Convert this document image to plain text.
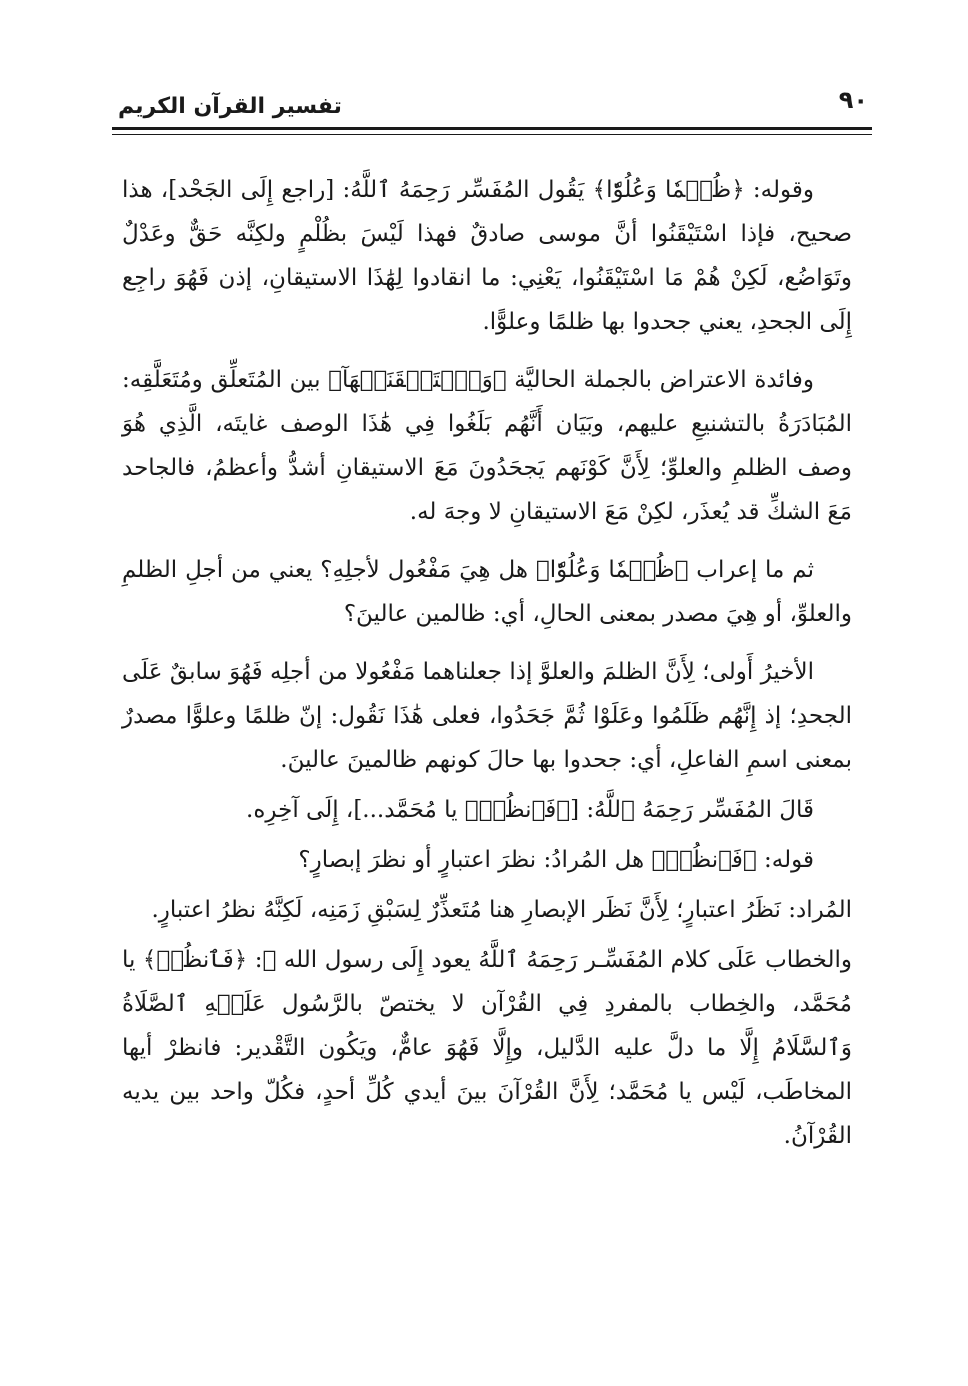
٩٠
تفسير القرآن الكريم

وقوله: ﴿ظُلۡمٗا وَعُلُوّٗا﴾ يَقُول المُفَسِّر رَحِمَهُ ٱللَّهُ: [راجع إِلَى الجَحْد]، هذا صحيح، فإذا اسْتَيْقَنُوا أنَّ موسى صادقٌ فهذا لَيْسَ بظُلْمٍ ولكِنَّه حَقٌّ وعَدْلٌ وتَوَاضُع، لَكِنْ هُمْ مَا اسْتَيْقَنُوا، يَعْنِي: ما انقادوا لِهَٰذَا الاستيقانِ، إذن فَهُوَ راجِع إِلَى الجحدِ، يعني جحدوا بها ظلمًا وعلوًّا.

وفائدة الاعتراض بالجملة الحاليَّة ﴿وَٱسۡتَيۡقَنَتۡهَآ﴾ بين المُتَعلِّق ومُتَعَلَّقِه: المُبَادَرَةُ بالتشنيعِ عليهم، وبَيَان أَنَّهُم بَلَغُوا فِي هَٰذَا الوصف غايتَه، الَّذِي هُوَ وصف الظلمِ والعلوِّ؛ لِأَنَّ كَوْنَهم يَجحَدُونَ مَعَ الاستيقانِ أشدُّ وأعظمُ، فالجاحد مَعَ الشكِّ قد يُعذَر، لكِنْ مَعَ الاستيقانِ لا وجهَ له.

ثم ما إعراب ﴿ظُلۡمٗا وَعُلُوّٗا﴾ هل هِيَ مَفْعُول لأجلِهِ؟ يعني من أجلِ الظلمِ والعلوِّ، أو هِيَ مصدر بمعنى الحالِ، أي: ظالمين عالينَ؟

الأخيرُ أَولى؛ لِأَنَّ الظلمَ والعلوَّ إذا جعلناهما مَفْعُولا من أجلِه فَهُوَ سابقٌ عَلَى الجحدِ؛ إذ إِنَّهُم ظَلَمُوا وعَلَوْا ثُمَّ جَحَدُوا، فعلى هَٰذَا نَقُول: إنّ ظلمًا وعلوًّا مصدرٌ بمعنى اسمِ الفاعلِ، أي: جحدوا بها حالَ كونهم ظالمينَ عالينَ.

قَالَ المُفَسِّر رَحِمَهُ ٱللَّهُ: [﴿فَٱنظُرۡ﴾ يا مُحَمَّد...]، إِلَى آخِرِه.

قوله: ﴿فَٱنظُرۡ﴾ هل المُرادُ: نظرَ اعتبارٍ أو نظرَ إبصارٍ؟

المُراد: نَظَرُ اعتبارٍ؛ لِأَنَّ نَظَر الإبصارِ هنا مُتَعذِّرٌ لِسَبْقِ زَمَنِه، لَكِنَّهُ نظرُ اعتبارٍ.

والخطاب عَلَى كلام المُفَسِّـر رَحِمَهُ ٱللَّهُ يعود إِلَى رسول الله ﷺ: ﴿فَٱنظُرۡ﴾ يا مُحَمَّد، والخِطاب بالمفردِ فِي القُرْآن لا يختصّ بالرَّسُول عَلَيۡهِ ٱلصَّلَاةُ وَٱلسَّلَامُ إِلَّا ما دلَّ عليه الدَّليل، وإِلَّا فَهُوَ عامٌّ، ويَكُون التَّقْدير: فانظرْ أيها المخاطَب، لَيْس يا مُحَمَّد؛ لِأَنَّ القُرْآنَ بينَ أيدي كُلِّ أحدٍ، فكُلّ واحد بين يديه القُرْآنُ.
